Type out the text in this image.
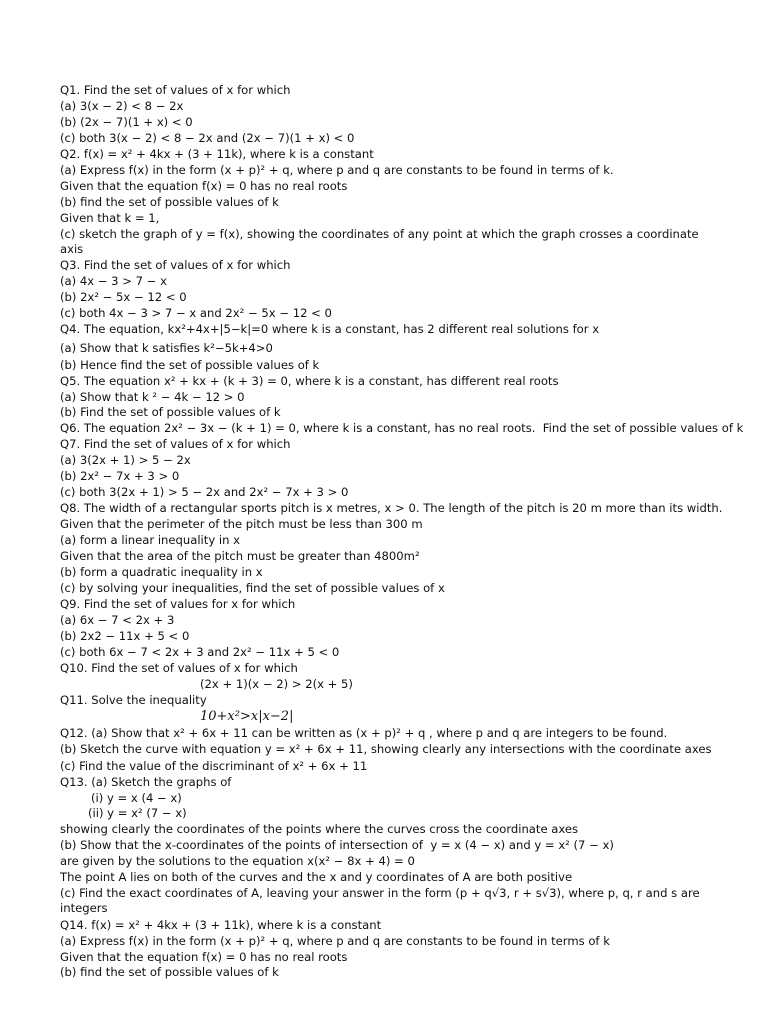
Q1. Find the set of values of x for which
(a) 3(x − 2) < 8 − 2x
(b) (2x − 7)(1 + x) < 0
(c) both 3(x − 2) < 8 − 2x and (2x − 7)(1 + x) < 0
Q2. f(x) = x² + 4kx + (3 + 11k), where k is a constant
(a) Express f(x) in the form (x + p)² + q, where p and q are constants to be found in terms of k.
Given that the equation f(x) = 0 has no real roots
(b) find the set of possible values of k
Given that k = 1,
(c) sketch the graph of y = f(x), showing the coordinates of any point at which the graph crosses a coordinate
axis
Q3. Find the set of values of x for which
(a) 4x − 3 > 7 − x
(b) 2x² − 5x − 12 < 0
(c) both 4x − 3 > 7 − x and 2x² − 5x − 12 < 0
Q4. The equation, kx²+4x+|5−k|=0 where k is a constant, has 2 different real solutions for x
(a) Show that k satisfies k²−5k+4>0
(b) Hence find the set of possible values of k
Q5. The equation x² + kx + (k + 3) = 0, where k is a constant, has different real roots
(a) Show that k ² − 4k − 12 > 0
(b) Find the set of possible values of k
Q6. The equation 2x² − 3x − (k + 1) = 0, where k is a constant, has no real roots.  Find the set of possible values of k
Q7. Find the set of values of x for which
(a) 3(2x + 1) > 5 − 2x
(b) 2x² − 7x + 3 > 0
(c) both 3(2x + 1) > 5 − 2x and 2x² − 7x + 3 > 0
Q8. The width of a rectangular sports pitch is x metres, x > 0. The length of the pitch is 20 m more than its width.
Given that the perimeter of the pitch must be less than 300 m
(a) form a linear inequality in x
Given that the area of the pitch must be greater than 4800m²
(b) form a quadratic inequality in x
(c) by solving your inequalities, find the set of possible values of x
Q9. Find the set of values for x for which
(a) 6x − 7 < 2x + 3
(b) 2x2 − 11x + 5 < 0
(c) both 6x − 7 < 2x + 3 and 2x² − 11x + 5 < 0
Q10. Find the set of values of x for which
(2x + 1)(x − 2) > 2(x + 5)
Q11. Solve the inequality
10+x²>x|x−2|
Q12. (a) Show that x² + 6x + 11 can be written as (x + p)² + q , where p and q are integers to be found.
(b) Sketch the curve with equation y = x² + 6x + 11, showing clearly any intersections with the coordinate axes
(c) Find the value of the discriminant of x² + 6x + 11
Q13. (a) Sketch the graphs of
(i) y = x (4 − x)
(ii) y = x² (7 − x)
showing clearly the coordinates of the points where the curves cross the coordinate axes
(b) Show that the x-coordinates of the points of intersection of  y = x (4 − x) and y = x² (7 − x)
are given by the solutions to the equation x(x² − 8x + 4) = 0
The point A lies on both of the curves and the x and y coordinates of A are both positive
(c) Find the exact coordinates of A, leaving your answer in the form (p + q√3, r + s√3), where p, q, r and s are
integers
Q14. f(x) = x² + 4kx + (3 + 11k), where k is a constant
(a) Express f(x) in the form (x + p)² + q, where p and q are constants to be found in terms of k
Given that the equation f(x) = 0 has no real roots
(b) find the set of possible values of k
